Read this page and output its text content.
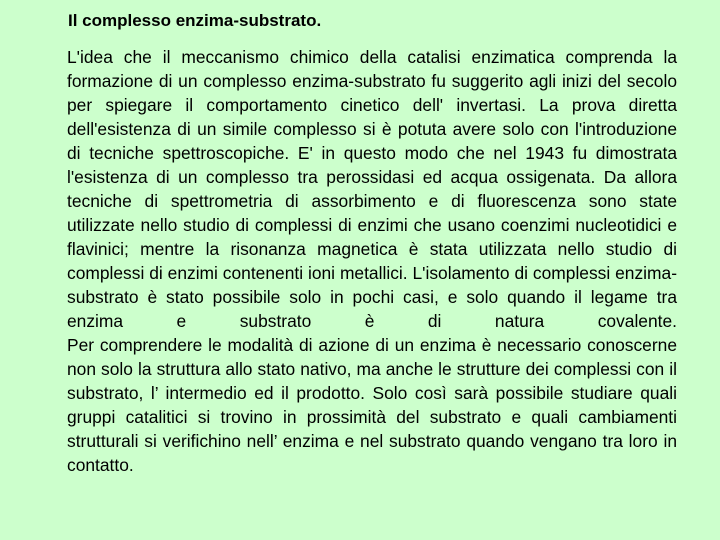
Il complesso enzima-substrato.

L'idea che il meccanismo chimico della catalisi enzimatica comprenda la formazione di un complesso enzima-substrato fu suggerito agli inizi del secolo per spiegare il comportamento cinetico dell' invertasi. La prova diretta dell'esistenza di un simile complesso si è potuta avere solo con l'introduzione di tecniche spettroscopiche. E' in questo modo che nel 1943 fu dimostrata l'esistenza di un complesso tra perossidasi ed acqua ossigenata. Da allora tecniche di spettrometria di assorbimento e di fluorescenza sono state utilizzate nello studio di complessi di enzimi che usano coenzimi nucleotidici e flavinici; mentre la risonanza magnetica è stata utilizzata nello studio di complessi di enzimi contenenti ioni metallici. L'isolamento di complessi enzima-substrato è stato possibile solo in pochi casi, e solo quando il legame tra enzima e substrato è di natura covalente.

Per comprendere le modalità di azione di un enzima è necessario conoscerne non solo la struttura allo stato nativo, ma anche le strutture dei complessi con il substrato, l’ intermedio ed il prodotto. Solo così sarà possibile studiare quali gruppi catalitici si trovino in prossimità del substrato e quali cambiamenti strutturali si verifichino nell’ enzima e nel substrato quando vengano tra loro in contatto.
